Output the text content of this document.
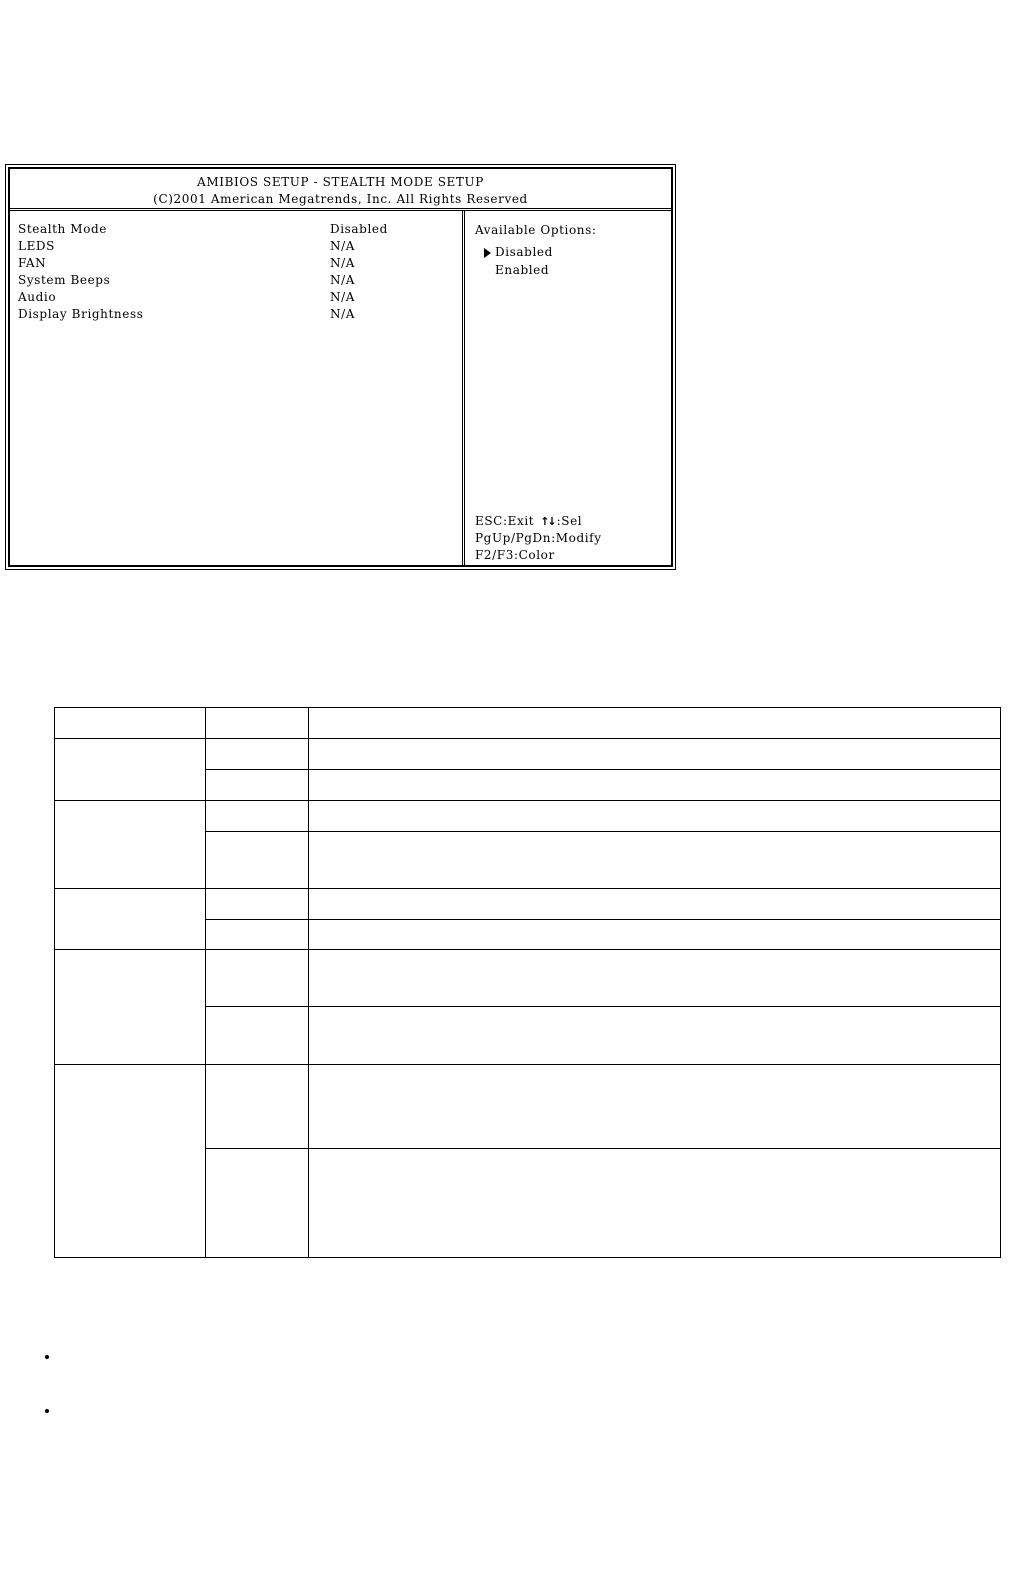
AMIBIOS SETUP - STEALTH MODE SETUP
(C)2001 American Megatrends, Inc. All Rights Reserved
Stealth Mode	Disabled
LEDS	N/A
FAN	N/A
System Beeps	N/A
Audio	N/A
Display Brightness	N/A
Available Options:
Disabled
Enabled
ESC:Exit ↑↓ :Sel
PgUp/PgDn:Modify
F2/F3:Color
